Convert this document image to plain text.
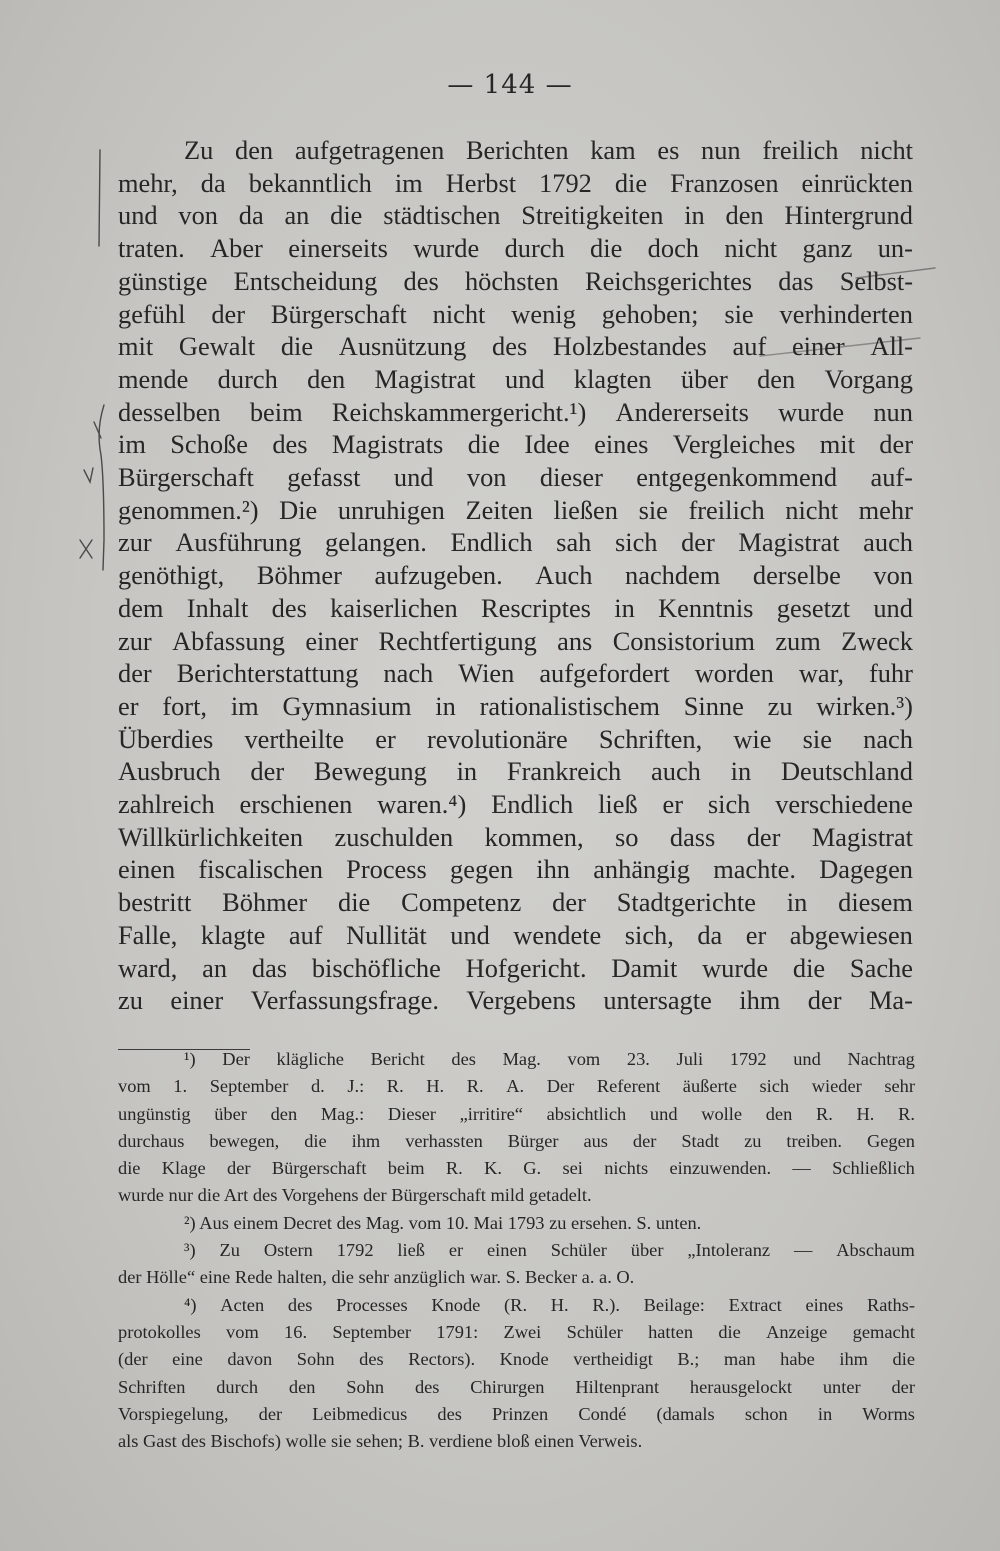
— 144 —
Zu den aufgetragenen Berichten kam es nun freilich nicht
mehr, da bekanntlich im Herbst 1792 die Franzosen einrückten
und von da an die städtischen Streitigkeiten in den Hintergrund
traten. Aber einerseits wurde durch die doch nicht ganz un-
günstige Entscheidung des höchsten Reichsgerichtes das Selbst-
gefühl der Bürgerschaft nicht wenig gehoben; sie verhinderten
mit Gewalt die Ausnützung des Holzbestandes auf einer All-
mende durch den Magistrat und klagten über den Vorgang
desselben beim Reichskammergericht.¹) Andererseits wurde nun
im Schoße des Magistrats die Idee eines Vergleiches mit der
Bürgerschaft gefasst und von dieser entgegenkommend auf-
genommen.²) Die unruhigen Zeiten ließen sie freilich nicht mehr
zur Ausführung gelangen. Endlich sah sich der Magistrat auch
genöthigt, Böhmer aufzugeben. Auch nachdem derselbe von
dem Inhalt des kaiserlichen Rescriptes in Kenntnis gesetzt und
zur Abfassung einer Rechtfertigung ans Consistorium zum Zweck
der Berichterstattung nach Wien aufgefordert worden war, fuhr
er fort, im Gymnasium in rationalistischem Sinne zu wirken.³)
Überdies vertheilte er revolutionäre Schriften, wie sie nach
Ausbruch der Bewegung in Frankreich auch in Deutschland
zahlreich erschienen waren.⁴) Endlich ließ er sich verschiedene
Willkürlichkeiten zuschulden kommen, so dass der Magistrat
einen fiscalischen Process gegen ihn anhängig machte. Dagegen
bestritt Böhmer die Competenz der Stadtgerichte in diesem
Falle, klagte auf Nullität und wendete sich, da er abgewiesen
ward, an das bischöfliche Hofgericht. Damit wurde die Sache
zu einer Verfassungsfrage. Vergebens untersagte ihm der Ma-
¹) Der klägliche Bericht des Mag. vom 23. Juli 1792 und Nachtrag
vom 1. September d. J.: R. H. R. A. Der Referent äußerte sich wieder sehr
ungünstig über den Mag.: Dieser „irritire“ absichtlich und wolle den R. H. R.
durchaus bewegen, die ihm verhassten Bürger aus der Stadt zu treiben. Gegen
die Klage der Bürgerschaft beim R. K. G. sei nichts einzuwenden. — Schließlich
wurde nur die Art des Vorgehens der Bürgerschaft mild getadelt.
²) Aus einem Decret des Mag. vom 10. Mai 1793 zu ersehen. S. unten.
³) Zu Ostern 1792 ließ er einen Schüler über „Intoleranz — Abschaum
der Hölle“ eine Rede halten, die sehr anzüglich war. S. Becker a. a. O.
⁴) Acten des Processes Knode (R. H. R.). Beilage: Extract eines Raths-
protokolles vom 16. September 1791: Zwei Schüler hatten die Anzeige gemacht
(der eine davon Sohn des Rectors). Knode vertheidigt B.; man habe ihm die
Schriften durch den Sohn des Chirurgen Hiltenprant herausgelockt unter der
Vorspiegelung, der Leibmedicus des Prinzen Condé (damals schon in Worms
als Gast des Bischofs) wolle sie sehen; B. verdiene bloß einen Verweis.
